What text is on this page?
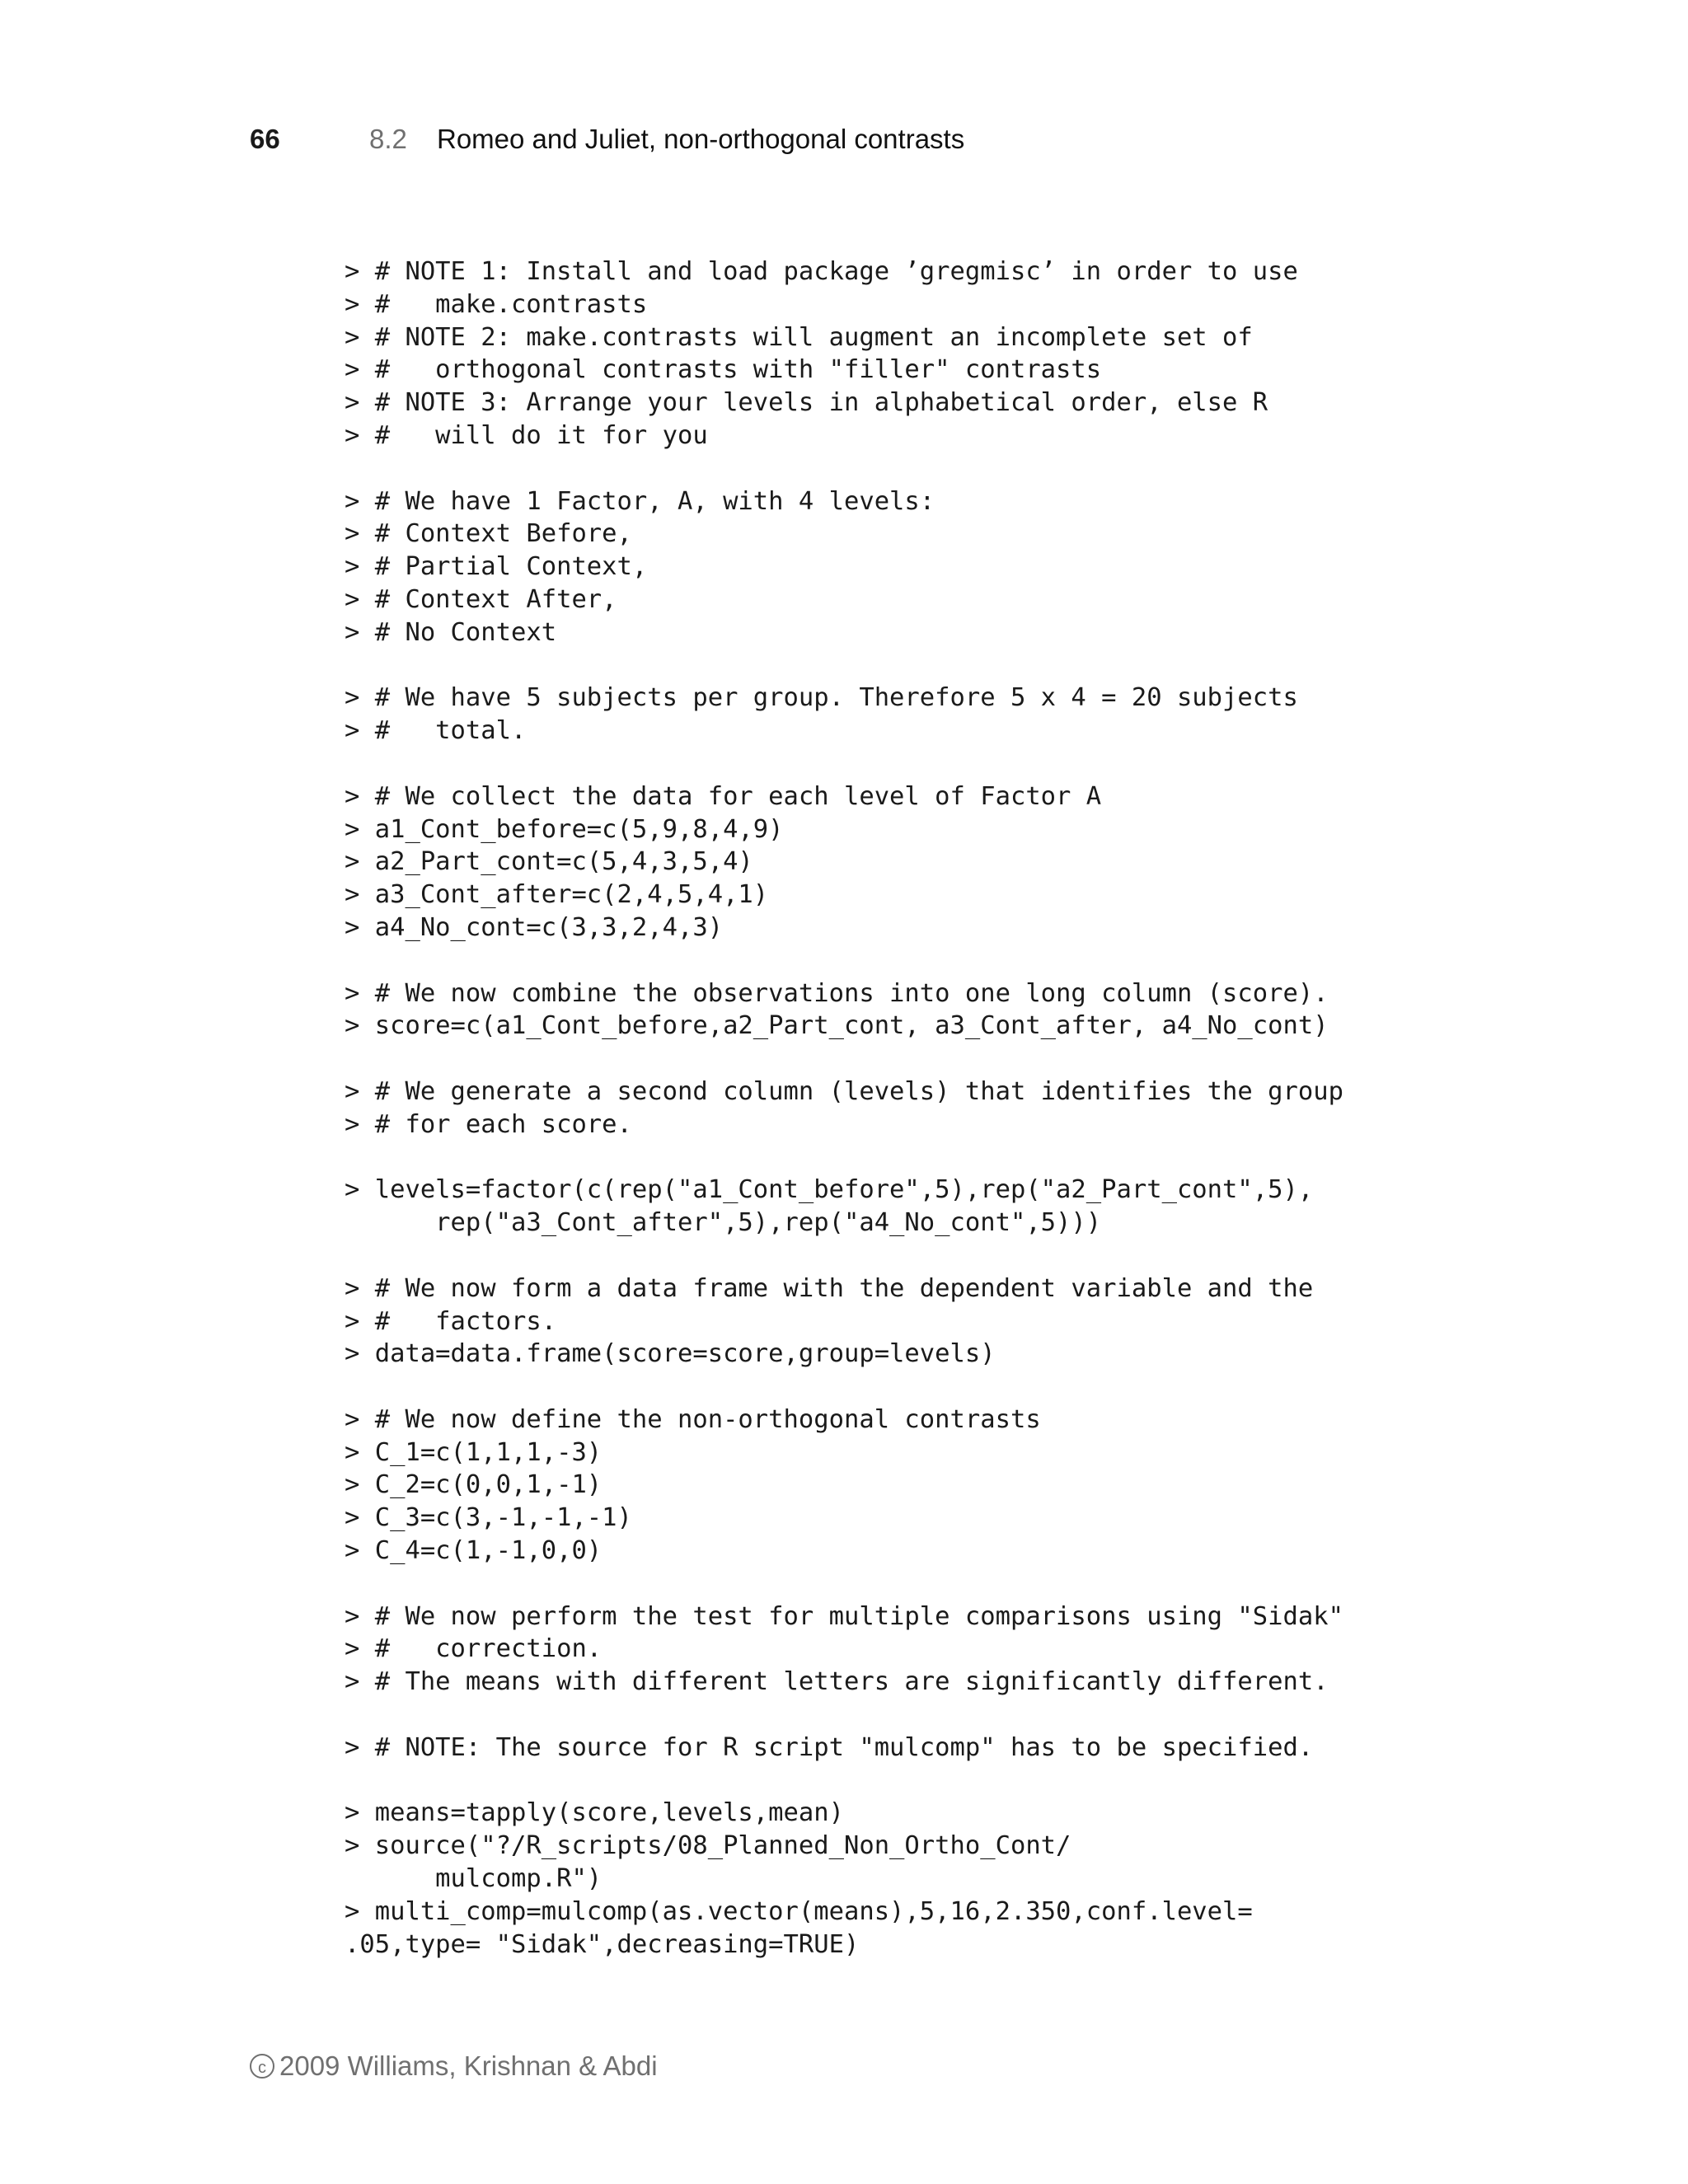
66	8.2	Romeo and Juliet, non-orthogonal contrasts
> # NOTE 1: Install and load package ’gregmisc’ in order to use
> #   make.contrasts
> # NOTE 2: make.contrasts will augment an incomplete set of
> #   orthogonal contrasts with "filler" contrasts
> # NOTE 3: Arrange your levels in alphabetical order, else R
> #   will do it for you
> # We have 1 Factor, A, with 4 levels:
> # Context Before,
> # Partial Context,
> # Context After,
> # No Context
> # We have 5 subjects per group. Therefore 5 x 4 = 20 subjects
> #   total.
> # We collect the data for each level of Factor A
> a1_Cont_before=c(5,9,8,4,9)
> a2_Part_cont=c(5,4,3,5,4)
> a3_Cont_after=c(2,4,5,4,1)
> a4_No_cont=c(3,3,2,4,3)
> # We now combine the observations into one long column (score).
> score=c(a1_Cont_before,a2_Part_cont, a3_Cont_after, a4_No_cont)
> # We generate a second column (levels) that identifies the group
> # for each score.
> levels=factor(c(rep("a1_Cont_before",5),rep("a2_Part_cont",5),
rep("a3_Cont_after",5),rep("a4_No_cont",5)))
> # We now form a data frame with the dependent variable and the
> #   factors.
> data=data.frame(score=score,group=levels)
> # We now define the non-orthogonal contrasts
> C_1=c(1,1,1,-3)
> C_2=c(0,0,1,-1)
> C_3=c(3,-1,-1,-1)
> C_4=c(1,-1,0,0)
> # We now perform the test for multiple comparisons using "Sidak"
> #   correction.
> # The means with different letters are significantly different.
> # NOTE: The source for R script "mulcomp" has to be specified.
> means=tapply(score,levels,mean)
> source("?/R_scripts/08_Planned_Non_Ortho_Cont/
mulcomp.R")
> multi_comp=mulcomp(as.vector(means),5,16,2.350,conf.level=
.05,type= "Sidak",decreasing=TRUE)
c 2009 Williams, Krishnan & Abdi
